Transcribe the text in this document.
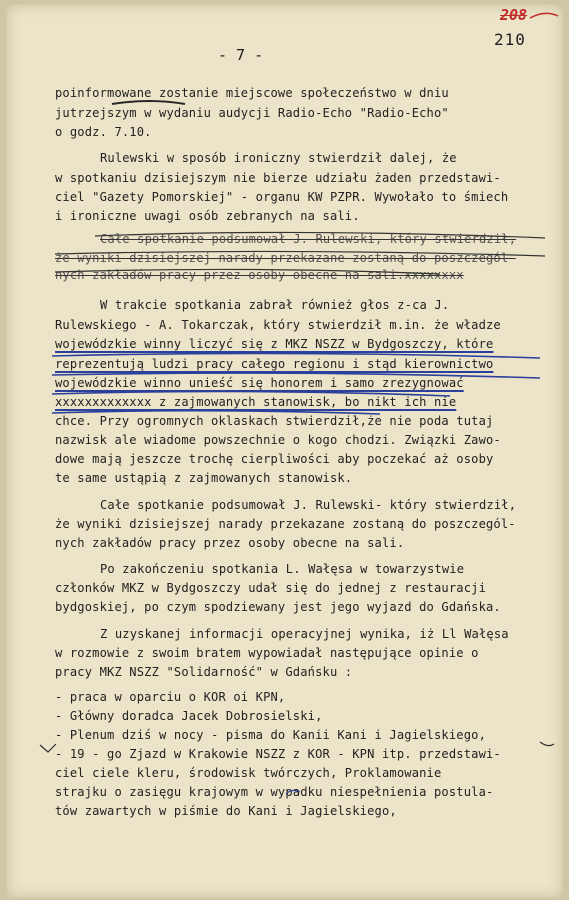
208
210
- 7 -
poinformowane zostanie miejscowe społeczeństwo w dniu
jutrzejszym w wydaniu audycji Radio-Echo "Radio-Echo"
o godz. 7.10.
Rulewski w sposób ironiczny stwierdził dalej, że
w spotkaniu dzisiejszym nie bierze udziału żaden przedstawi-
ciel "Gazety Pomorskiej" - organu KW PZPR. Wywołało to śmiech
i ironiczne uwagi osób zebranych na sali.
Całe spotkanie podsumował J. Rulewski, który stwierdził,
że wyniki dzisiejszej narady przekazane zostaną do poszczegól-
nych zakładów pracy przez osoby obecne na sali.xxxxxxxx
W trakcie spotkania zabrał również głos z-ca J.
Rulewskiego - A. Tokarczak, który stwierdził m.in. że władze
wojewódzkie winny liczyć się z MKZ NSZZ w Bydgoszczy, które
reprezentują ludzi pracy całego regionu i stąd kierownictwo
wojewódzkie winno unieść się honorem i samo zrezygnować
xxxxxxxxxxxxx z zajmowanych stanowisk, bo nikt ich nie
chce. Przy ogromnych oklaskach stwierdził,że nie poda tutaj
nazwisk ale wiadome powszechnie o kogo chodzi. Związki Zawo-
dowe mają jeszcze trochę cierpliwości aby poczekać aż osoby
te same ustąpią z zajmowanych stanowisk.
Całe spotkanie podsumował J. Rulewski- który stwierdził,
że wyniki dzisiejszej narady przekazane zostaną do poszczegól-
nych zakładów pracy przez osoby obecne na sali.
Po zakończeniu spotkania L. Wałęsa w towarzystwie
członków MKZ w Bydgoszczy udał się do jednej z restauracji
bydgoskiej, po czym spodziewany jest jego wyjazd do Gdańska.
Z uzyskanej informacji operacyjnej wynika, iż Ll Wałęsa
w rozmowie z swoim bratem wypowiadał następujące opinie o
pracy MKZ NSZZ "Solidarność" w Gdańsku :
- praca w oparciu o KOR oi KPN,
- Główny doradca Jacek Dobrosielski,
- Plenum dziś w nocy - pisma do Kanii Kani i Jagielskiego,
- 19 - go Zjazd w Krakowie NSZZ z KOR - KPN itp. przedstawi-
ciel ciele kleru, środowisk twórczych, Proklamowanie
strajku o zasięgu krajowym w wypadku niespełnienia postula-
tów zawartych w piśmie do Kani i Jagielskiego,
